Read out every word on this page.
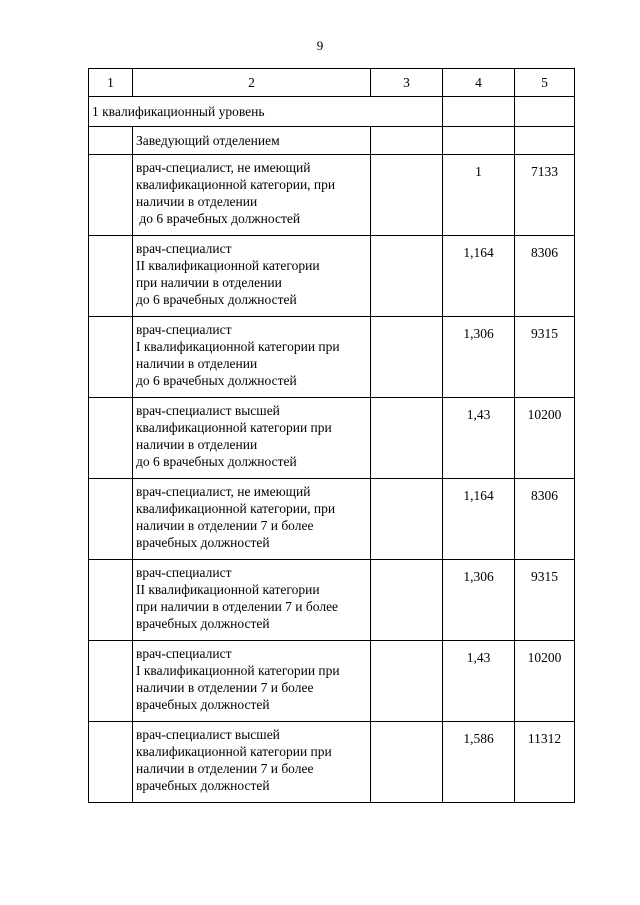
9
1	2	3	4	5
1 квалификационный уровень				
	Заведующий отделением			

	врач-специалист, не имеющий
квалификационной категории, при
наличии в отделении
до 6 врачебных должностей		1	7133

	врач-специалист
II квалификационной категории
при наличии в отделении
до 6 врачебных должностей		1,164	8306

	врач-специалист
I квалификационной категории при
наличии в отделении
до 6 врачебных должностей		1,306	9315

	врач-специалист высшей
квалификационной категории при
наличии в отделении
до 6 врачебных должностей		1,43	10200

	врач-специалист, не имеющий
квалификационной категории, при
наличии в отделении 7 и более
врачебных должностей		1,164	8306

	врач-специалист
II квалификационной категории
при наличии в отделении 7 и более
врачебных должностей		1,306	9315

	врач-специалист
I квалификационной категории при
наличии в отделении 7 и более
врачебных должностей		1,43	10200

	врач-специалист высшей
квалификационной категории при
наличии в отделении 7 и более
врачебных должностей		1,586	11312
